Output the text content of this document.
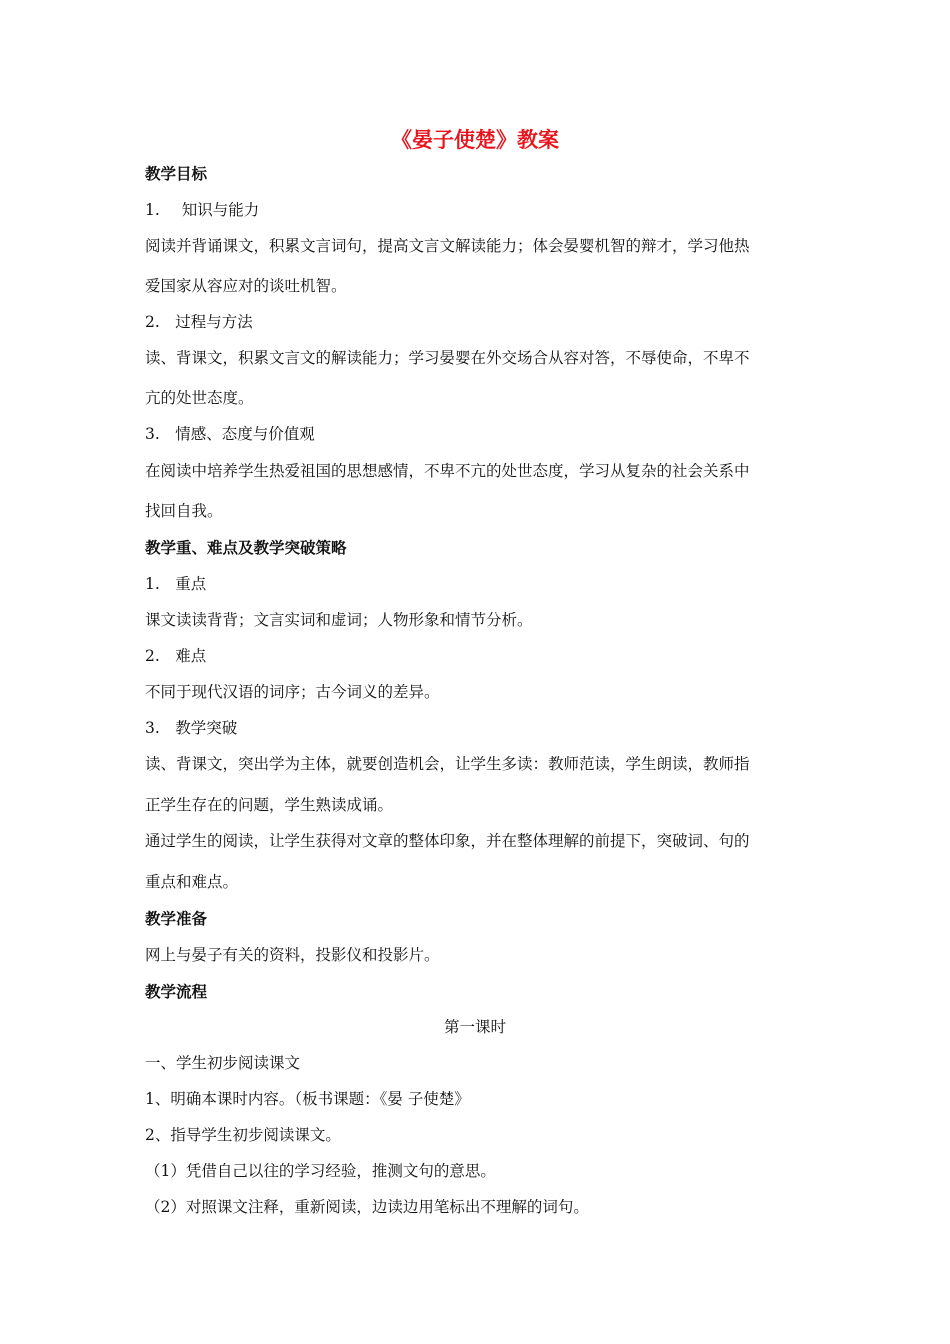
《晏子使楚》教案
教学目标
1. 知识与能力
阅读并背诵课文，积累文言词句，提高文言文解读能力；体会晏婴机智的辩才，学习他热
爱国家从容应对的谈吐机智。
2.　过程与方法
读、背课文，积累文言文的解读能力；学习晏婴在外交场合从容对答，不辱使命，不卑不
亢的处世态度。
3.　情感、态度与价值观
在阅读中培养学生热爱祖国的思想感情，不卑不亢的处世态度，学习从复杂的社会关系中
找回自我。
教学重、难点及教学突破策略
1.　重点
课文读读背背；文言实词和虚词；人物形象和情节分析。
2.　难点
不同于现代汉语的词序；古今词义的差异。
3.　教学突破
读、背课文，突出学为主体，就要创造机会，让学生多读：教师范读，学生朗读，教师指
正学生存在的问题，学生熟读成诵。
通过学生的阅读，让学生获得对文章的整体印象，并在整体理解的前提下，突破词、句的
重点和难点。
教学准备
网上与晏子有关的资料，投影仪和投影片。
教学流程
第一课时
一、学生初步阅读课文
1、明确本课时内容。（板书课题：《晏 子使楚》
2、指导学生初步阅读课文。
（1）凭借自己以往的学习经验，推测文句的意思。
（2）对照课文注释，重新阅读，边读边用笔标出不理解的词句。
